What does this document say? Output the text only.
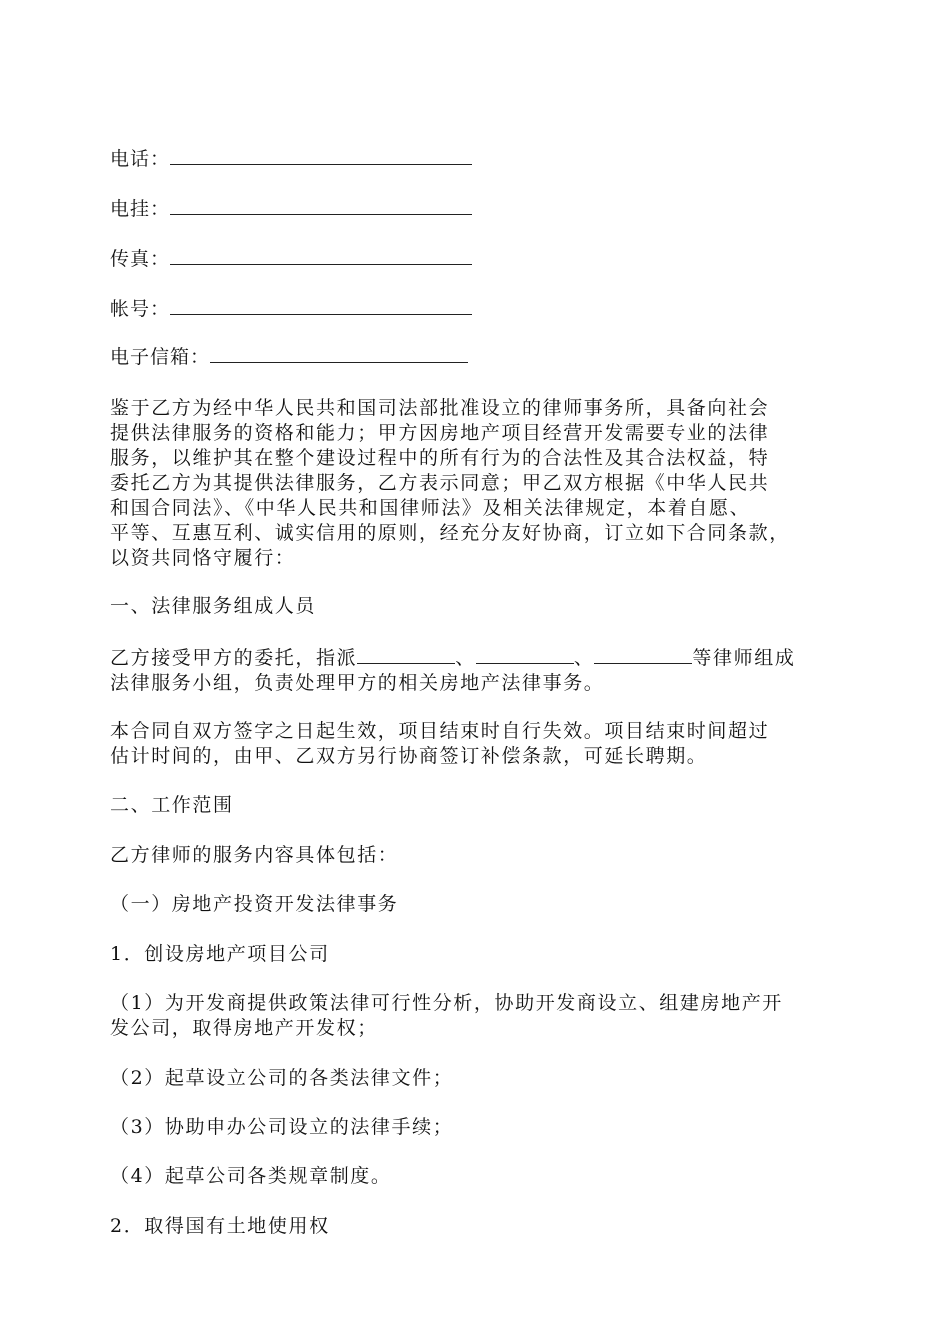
电话：
电挂：
传真：
帐号：
电子信箱：
鉴于乙方为经中华人民共和国司法部批准设立的律师事务所，具备向社会
提供法律服务的资格和能力；甲方因房地产项目经营开发需要专业的法律
服务，以维护其在整个建设过程中的所有行为的合法性及其合法权益，特
委托乙方为其提供法律服务，乙方表示同意；甲乙双方根据《中华人民共
和国合同法》、《中华人民共和国律师法》及相关法律规定，本着自愿、
平等、互惠互利、诚实信用的原则，经充分友好协商，订立如下合同条款，
以资共同恪守履行：
一、法律服务组成人员
乙方接受甲方的委托，指派	、	、	等律师组成
法律服务小组，负责处理甲方的相关房地产法律事务。
本合同自双方签字之日起生效，项目结束时自行失效。项目结束时间超过
估计时间的，由甲、乙双方另行协商签订补偿条款，可延长聘期。
二、工作范围
乙方律师的服务内容具体包括：
（一）房地产投资开发法律事务
1．创设房地产项目公司
（1）为开发商提供政策法律可行性分析，协助开发商设立、组建房地产开
发公司，取得房地产开发权；
（2）起草设立公司的各类法律文件；
（3）协助申办公司设立的法律手续；
（4）起草公司各类规章制度。
2．取得国有土地使用权
